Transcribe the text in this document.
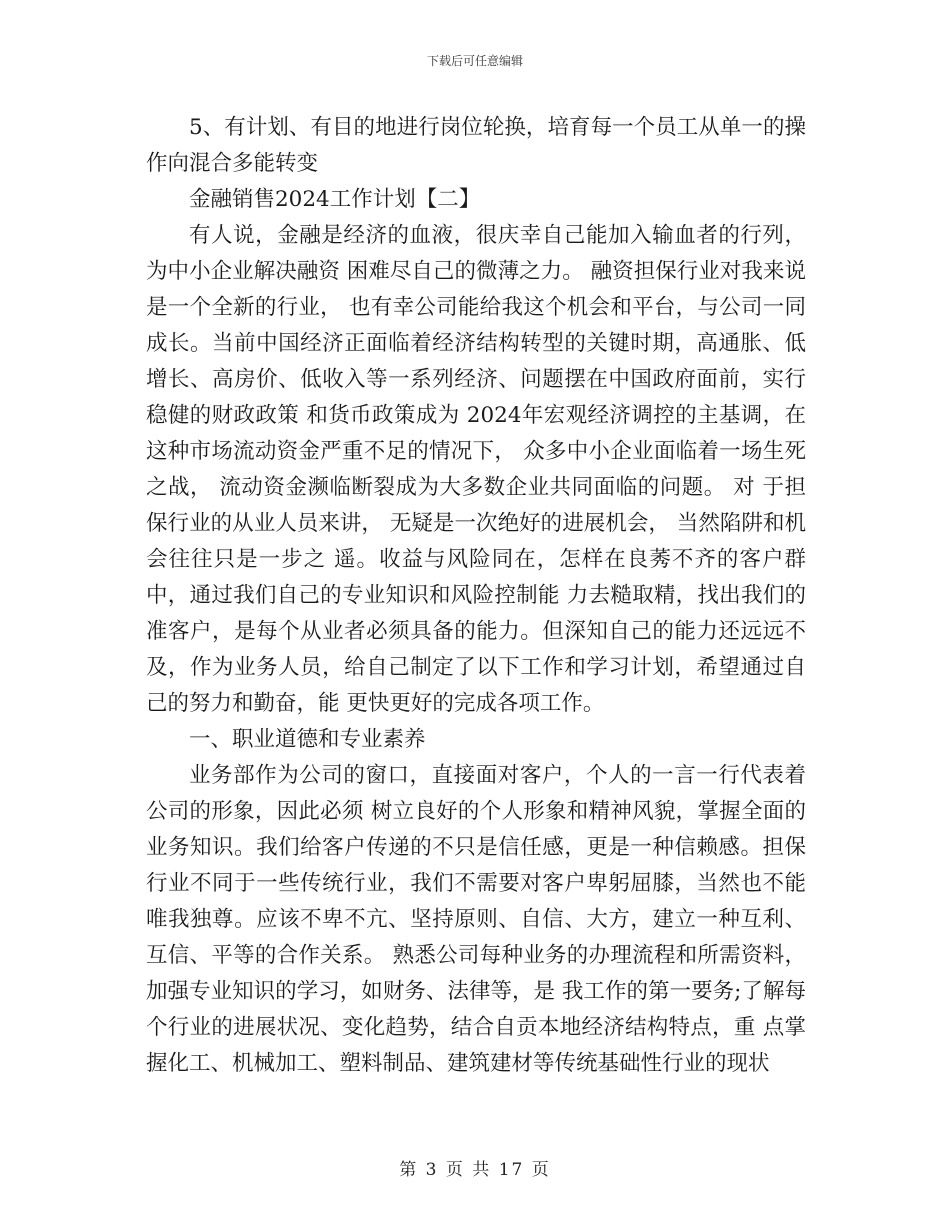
下载后可任意编辑

5、有计划、有目的地进行岗位轮换，培育每一个员工从单一的操作向混合多能转变

金融销售2024工作计划【二】

有人说，金融是经济的血液，很庆幸自己能加入输血者的行列，为中小企业解决融资 困难尽自己的微薄之力。 融资担保行业对我来说是一个全新的行业， 也有幸公司能给我这个机会和平台，与公司一同成长。当前中国经济正面临着经济结构转型的关键时期，高通胀、低增长、高房价、低收入等一系列经济、问题摆在中国政府面前，实行稳健的财政政策 和货币政策成为 2024年宏观经济调控的主基调，在这种市场流动资金严重不足的情况下， 众多中小企业面临着一场生死之战， 流动资金濒临断裂成为大多数企业共同面临的问题。 对 于担保行业的从业人员来讲， 无疑是一次绝好的进展机会， 当然陷阱和机会往往只是一步之 遥。收益与风险同在，怎样在良莠不齐的客户群中，通过我们自己的专业知识和风险控制能 力去糙取精，找出我们的准客户，是每个从业者必须具备的能力。但深知自己的能力还远远不及，作为业务人员，给自己制定了以下工作和学习计划，希望通过自己的努力和勤奋，能 更快更好的完成各项工作。

一、职业道德和专业素养

业务部作为公司的窗口，直接面对客户，个人的一言一行代表着公司的形象，因此必须 树立良好的个人形象和精神风貌，掌握全面的业务知识。我们给客户传递的不只是信任感，更是一种信赖感。担保行业不同于一些传统行业，我们不需要对客户卑躬屈膝，当然也不能唯我独尊。应该不卑不亢、坚持原则、自信、大方，建立一种互利、互信、平等的合作关系。 熟悉公司每种业务的办理流程和所需资料，加强专业知识的学习，如财务、法律等，是 我工作的第一要务;了解每个行业的进展状况、变化趋势，结合自贡本地经济结构特点，重 点掌握化工、机械加工、塑料制品、建筑建材等传统基础性行业的现状

第 3 页 共 17 页
